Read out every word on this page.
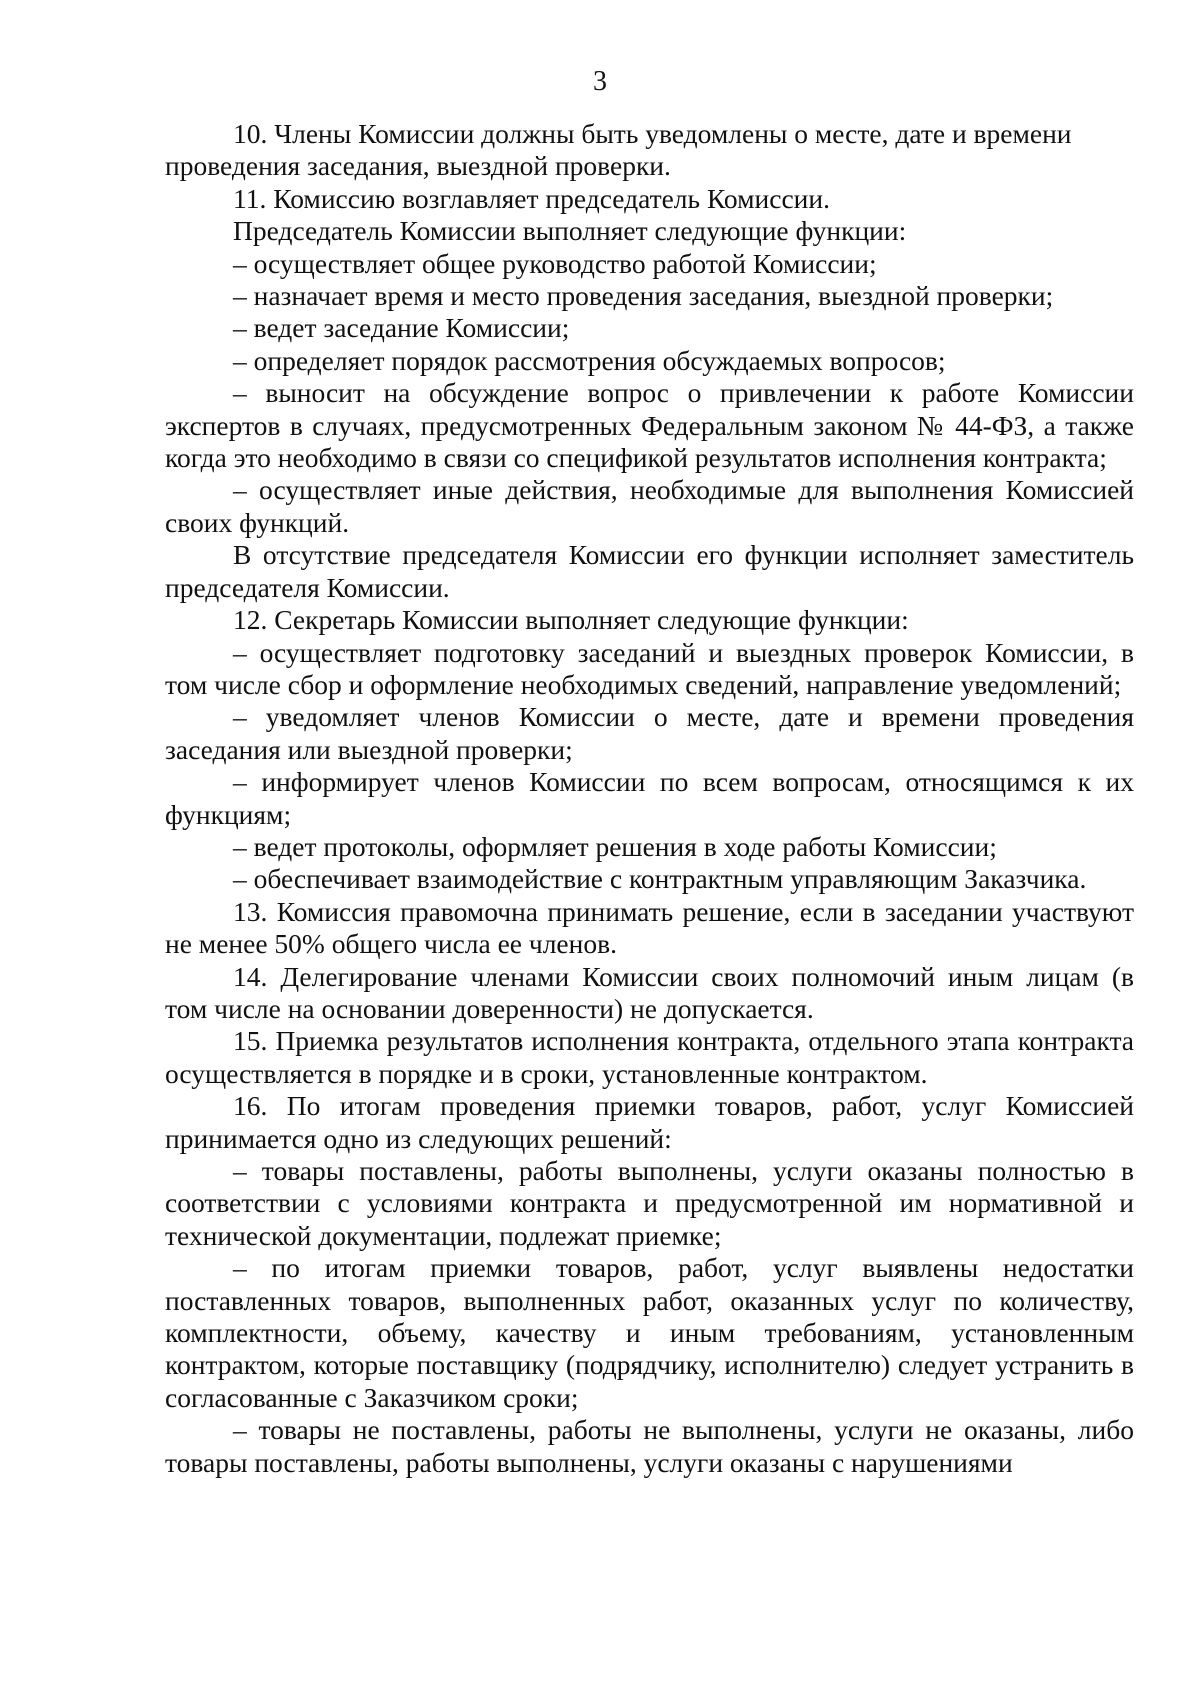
3

10. Члены Комиссии должны быть уведомлены о месте, дате и времени проведения заседания, выездной проверки.

11. Комиссию возглавляет председатель Комиссии.

Председатель Комиссии выполняет следующие функции:

– осуществляет общее руководство работой Комиссии;

– назначает время и место проведения заседания, выездной проверки;

– ведет заседание Комиссии;

– определяет порядок рассмотрения обсуждаемых вопросов;

– выносит на обсуждение вопрос о привлечении к работе Комиссии экспертов в случаях, предусмотренных Федеральным законом № 44-ФЗ, а также когда это необходимо в связи со спецификой результатов исполнения контракта;

– осуществляет иные действия, необходимые для выполнения Комиссией своих функций.

В отсутствие председателя Комиссии его функции исполняет заместитель председателя Комиссии.

12. Секретарь Комиссии выполняет следующие функции:

– осуществляет подготовку заседаний и выездных проверок Комиссии, в том числе сбор и оформление необходимых сведений, направление уведомлений;

– уведомляет членов Комиссии о месте, дате и времени проведения заседания или выездной проверки;

– информирует членов Комиссии по всем вопросам, относящимся к их функциям;

– ведет протоколы, оформляет решения в ходе работы Комиссии;

– обеспечивает взаимодействие с контрактным управляющим Заказчика.

13. Комиссия правомочна принимать решение, если в заседании участвуют не менее 50% общего числа ее членов.

14. Делегирование членами Комиссии своих полномочий иным лицам (в том числе на основании доверенности) не допускается.

15. Приемка результатов исполнения контракта, отдельного этапа контракта осуществляется в порядке и в сроки, установленные контрактом.

16. По итогам проведения приемки товаров, работ, услуг Комиссией принимается одно из следующих решений:

– товары поставлены, работы выполнены, услуги оказаны полностью в соответствии с условиями контракта и предусмотренной им нормативной и технической документации, подлежат приемке;

– по итогам приемки товаров, работ, услуг выявлены недостатки поставленных товаров, выполненных работ, оказанных услуг по количеству, комплектности, объему, качеству и иным требованиям, установленным контрактом, которые поставщику (подрядчику, исполнителю) следует устранить в согласованные с Заказчиком сроки;

– товары не поставлены, работы не выполнены, услуги не оказаны, либо товары поставлены, работы выполнены, услуги оказаны с нарушениями
